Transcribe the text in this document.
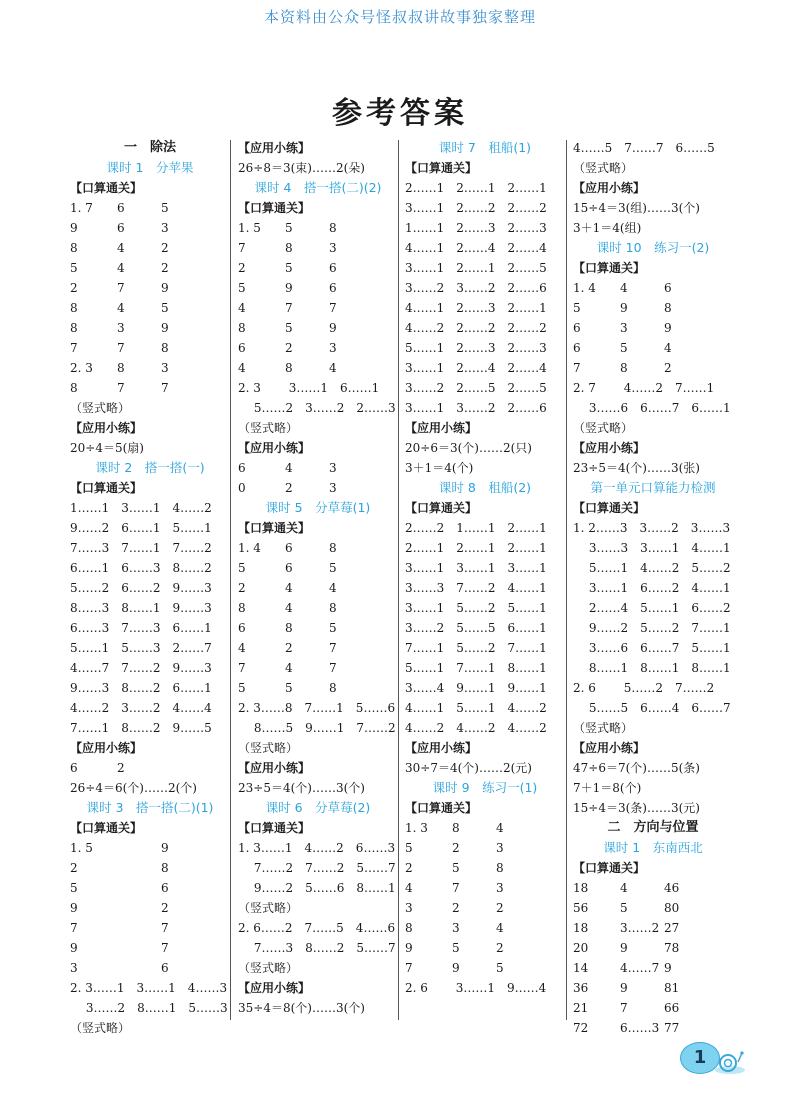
本资料由公众号怪叔叔讲故事独家整理
参考答案
一　除法
课时 1　分苹果
【口算通关】
1. 7	6	5
9	6	3
8	4	2
5	4	2
2	7	9
8	4	5
8	3	9
7	7	8
2. 3	8	3
8	7	7
（竖式略）
【应用小练】
20÷4＝5(扇)
课时 2　搭一搭(一)
【口算通关】
1……1　3……1　4……2
9……2　6……1　5……1
7……3　7……1　7……2
6……1　6……3　8……2
5……2　6……2　9……3
8……3　8……1　9……3
6……3　7……3　6……1
5……1　5……3　2……7
4……7　7……2　9……3
9……3　8……2　6……1
4……2　3……2　4……4
7……1　8……2　9……5
【应用小练】
6	2
26÷4＝6(个)……2(个)
课时 3　搭一搭(二)(1)
【口算通关】
1. 5	9
2	8
5	6
9	2
7	7
9	7
3	6
2. 3……1　3……1　4……3
　 3……2　8……1　5……3
（竖式略）
【应用小练】
26÷8＝3(束)……2(朵)
课时 4　搭一搭(二)(2)
【口算通关】
1. 5	5	8
7	8	3
2	5	6
5	9	6
4	7	7
8	5	9
6	2	3
4	8	4
2. 3　　 3……1　6……1
　 5……2　3……2　2……3
（竖式略）
【应用小练】
6	4	3
0	2	3
课时 5　分草莓(1)
【口算通关】
1. 4	6	8
5	6	5
2	4	4
8	4	8
6	8	5
4	2	7
7	4	7
5	5	8
2. 3……8　7……1　5……6
　 8……5　9……1　7……2
（竖式略）
【应用小练】
23÷5＝4(个)……3(个)
课时 6　分草莓(2)
【口算通关】
1. 3……1　4……2　6……3
　 7……2　7……2　5……7
　 9……2　5……6　8……1
（竖式略）
2. 6……2　7……5　4……6
　 7……3　8……2　5……7
（竖式略）
【应用小练】
35÷4＝8(个)……3(个)
课时 7　租船(1)
【口算通关】
2……1　2……1　2……1
3……1　2……2　2……2
1……1　2……3　2……3
4……1　2……4　2……4
3……1　2……1　2……5
3……2　3……2　2……6
4……1　2……3　2……1
4……2　2……2　2……2
5……1　2……3　2……3
3……1　2……4　2……4
3……2　2……5　2……5
3……1　3……2　2……6
【应用小练】
20÷6＝3(个)……2(只)
3＋1＝4(个)
课时 8　租船(2)
【口算通关】
2……2　1……1　2……1
2……1　2……1　2……1
3……1　3……1　3……1
3……3　7……2　4……1
3……1　5……2　5……1
3……2　5……5　6……1
7……1　5……2　7……1
5……1　7……1　8……1
3……4　9……1　9……1
4……1　5……1　4……2
4……2　4……2　4……2
【应用小练】
30÷7＝4(个)……2(元)
课时 9　练习一(1)
【口算通关】
1. 3	8	4
5	2	3
2	5	8
4	7	3
3	2	2
8	3	4
9	5	2
7	9	5
2. 6　　 3……1　9……4
4……5　7……7　6……5
（竖式略）
【应用小练】
15÷4＝3(组)……3(个)
3＋1＝4(组)
课时 10　练习一(2)
【口算通关】
1. 4	4	6
5	9	8
6	3	9
6	5	4
7	8	2
2. 7　　 4……2　7……1
　 3……6　6……7　6……1
（竖式略）
【应用小练】
23÷5＝4(个)……3(张)
第一单元口算能力检测
【口算通关】
1. 2……3　3……2　3……3
　 3……3　3……1　4……1
　 5……1　4……2　5……2
　 3……1　6……2　4……1
　 2……4　5……1　6……2
　 9……2　5……2　7……1
　 3……6　6……7　5……1
　 8……1　8……1　8……1
2. 6　　 5……2　7……2
　 5……5　6……4　6……7
（竖式略）
【应用小练】
47÷6＝7(个)……5(条)
7＋1＝8(个)
15÷4＝3(条)……3(元)
二　方向与位置
课时 1　东南西北
【口算通关】
18	4	46
56	5	80
18	3……2 27
20	9	78
14	4……7 9
36	9	81
21	7	66
72	6……3 77
1
